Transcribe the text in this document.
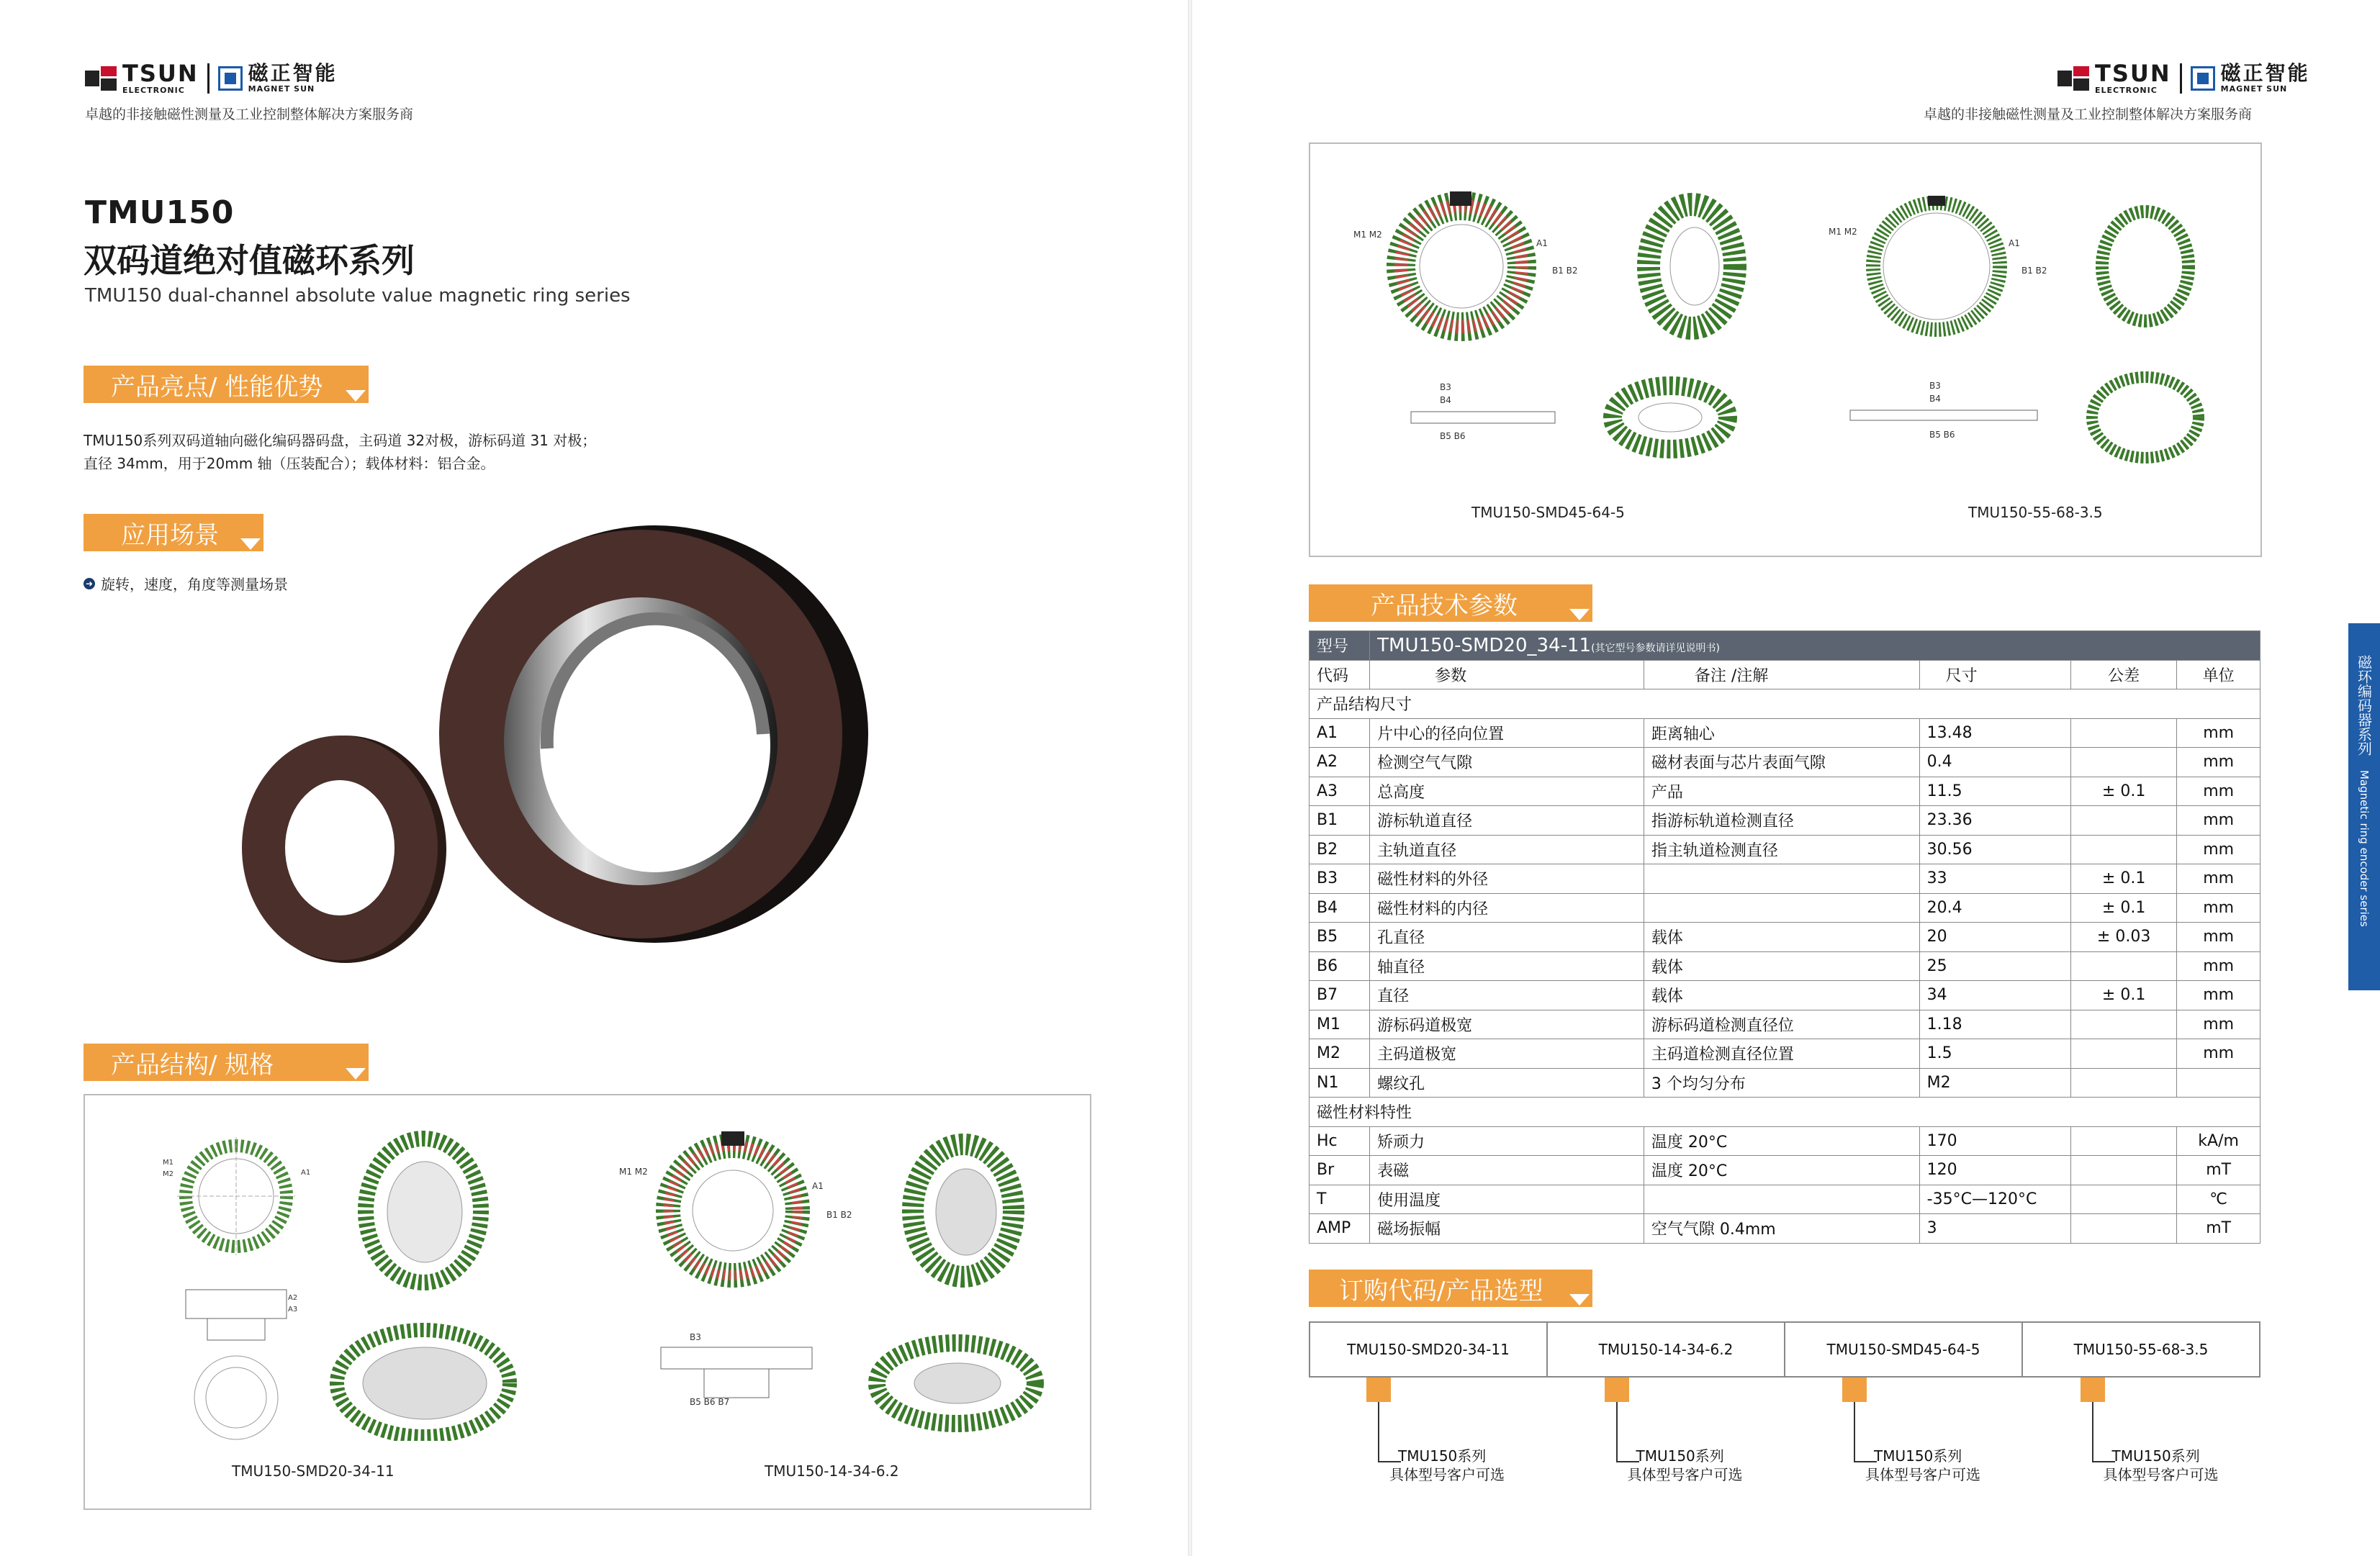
TSUN
ELECTRONIC
磁正智能
MAGNET SUN
卓越的非接触磁性测量及工业控制整体解决方案服务商
TMU150
双码道绝对值磁环系列
TMU150 dual-channel absolute value magnetic ring series
产品亮点/ 性能优势
TMU150系列双码道轴向磁化编码器码盘，主码道 32对极，游标码道 31 对极；
直径 34mm，用于20mm 轴（压装配合）；载体材料：铝合金。
应用场景
➜ 旋转，速度，角度等测量场景
产品结构/ 规格
M1
M2	A1
A2
A3
M1 M2
A1
B1 B2
B3
B5 B6 B7
TMU150-SMD20-34-11	TMU150-14-34-6.2
TSUN
ELECTRONIC
磁正智能
MAGNET SUN
卓越的非接触磁性测量及工业控制整体解决方案服务商
M1 M2
A1
B1 B2
B3
B4
B5 B6
M1 M2
A1
B1 B2
B3
B4
B5 B6
TMU150-SMD45-64-5	TMU150-55-68-3.5
产品技术参数
型号	TMU150-SMD20_34-11(其它型号参数请详见说明书)				
代码	参数	备注 /注解	尺寸	公差	单位
产品结构尺寸					
A1	片中心的径向位置	距离轴心	13.48		mm
A2	检测空气气隙	磁材表面与芯片表面气隙	0.4		mm
A3	总高度	产品	11.5	± 0.1	mm
B1	游标轨道直径	指游标轨道检测直径	23.36		mm
B2	主轨道直径	指主轨道检测直径	30.56		mm
B3	磁性材料的外径		33	± 0.1	mm
B4	磁性材料的内径		20.4	± 0.1	mm
B5	孔直径	载体	20	± 0.03	mm
B6	轴直径	载体	25		mm
B7	直径	载体	34	± 0.1	mm
M1	游标码道极宽	游标码道检测直径位	1.18		mm
M2	主码道极宽	主码道检测直径位置	1.5		mm
N1	螺纹孔	3 个均匀分布	M2		
磁性材料特性					
Hc	矫顽力	温度 20°C	170		kA/m
Br	表磁	温度 20°C	120		mT
T	使用温度		-35°C—120°C		℃
AMP	磁场振幅	空气气隙 0.4mm	3		mT
订购代码/产品选型
TMU150-SMD20-34-11	TMU150-14-34-6.2	TMU150-SMD45-64-5	TMU150-55-68-3.5
TMU150系列
具体型号客户可选
TMU150系列
具体型号客户可选
TMU150系列
具体型号客户可选
TMU150系列
具体型号客户可选
磁环编码器系列
Magnetic ring encoder series
